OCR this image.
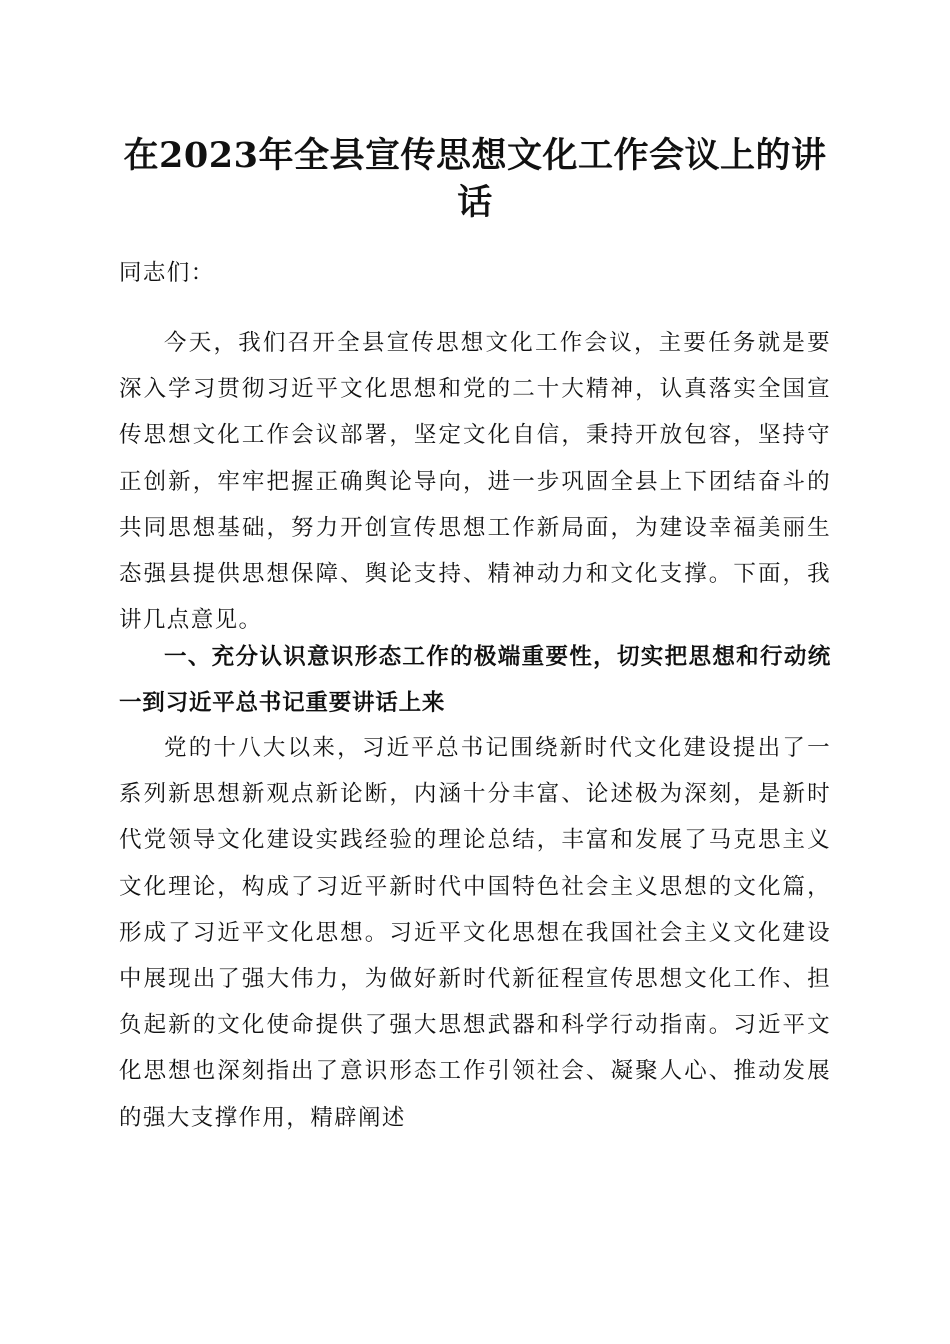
在2023年全县宣传思想文化工作会议上的讲话

同志们：

今天，我们召开全县宣传思想文化工作会议，主要任务就是要深入学习贯彻习近平文化思想和党的二十大精神，认真落实全国宣传思想文化工作会议部署，坚定文化自信，秉持开放包容，坚持守正创新，牢牢把握正确舆论导向，进一步巩固全县上下团结奋斗的共同思想基础，努力开创宣传思想工作新局面，为建设幸福美丽生态强县提供思想保障、舆论支持、精神动力和文化支撑。下面，我讲几点意见。

一、充分认识意识形态工作的极端重要性，切实把思想和行动统一到习近平总书记重要讲话上来

党的十八大以来，习近平总书记围绕新时代文化建设提出了一系列新思想新观点新论断，内涵十分丰富、论述极为深刻，是新时代党领导文化建设实践经验的理论总结，丰富和发展了马克思主义文化理论，构成了习近平新时代中国特色社会主义思想的文化篇，形成了习近平文化思想。习近平文化思想在我国社会主义文化建设中展现出了强大伟力，为做好新时代新征程宣传思想文化工作、担负起新的文化使命提供了强大思想武器和科学行动指南。习近平文化思想也深刻指出了意识形态工作引领社会、凝聚人心、推动发展的强大支撑作用，精辟阐述
